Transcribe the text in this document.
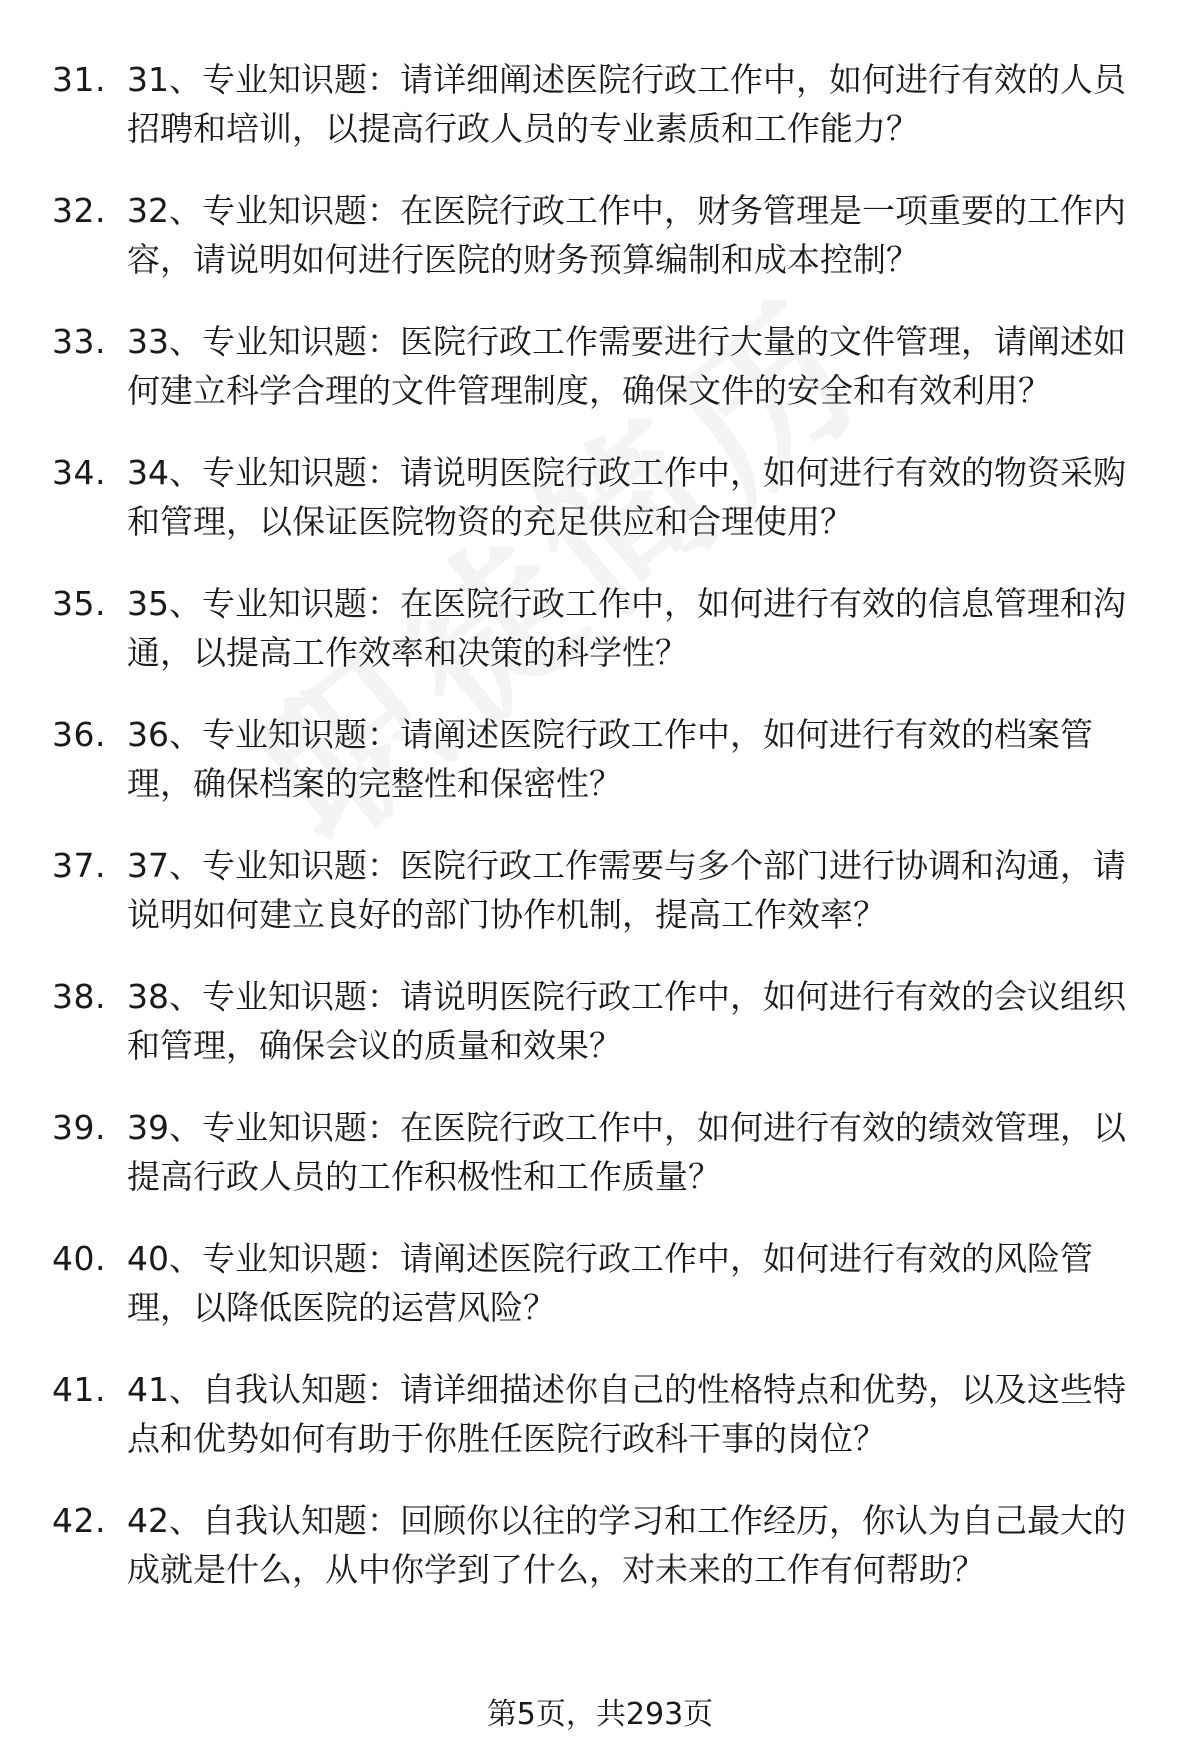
31. 31、专业知识题：请详细阐述医院行政工作中，如何进行有效的人员招聘和培训，以提高行政人员的专业素质和工作能力？
32. 32、专业知识题：在医院行政工作中，财务管理是一项重要的工作内容，请说明如何进行医院的财务预算编制和成本控制？
33. 33、专业知识题：医院行政工作需要进行大量的文件管理，请阐述如何建立科学合理的文件管理制度，确保文件的安全和有效利用？
34. 34、专业知识题：请说明医院行政工作中，如何进行有效的物资采购和管理，以保证医院物资的充足供应和合理使用？
35. 35、专业知识题：在医院行政工作中，如何进行有效的信息管理和沟通，以提高工作效率和决策的科学性？
36. 36、专业知识题：请阐述医院行政工作中，如何进行有效的档案管理，确保档案的完整性和保密性？
37. 37、专业知识题：医院行政工作需要与多个部门进行协调和沟通，请说明如何建立良好的部门协作机制，提高工作效率？
38. 38、专业知识题：请说明医院行政工作中，如何进行有效的会议组织和管理，确保会议的质量和效果？
39. 39、专业知识题：在医院行政工作中，如何进行有效的绩效管理，以提高行政人员的工作积极性和工作质量？
40. 40、专业知识题：请阐述医院行政工作中，如何进行有效的风险管理，以降低医院的运营风险？
41. 41、自我认知题：请详细描述你自己的性格特点和优势，以及这些特点和优势如何有助于你胜任医院行政科干事的岗位？
42. 42、自我认知题：回顾你以往的学习和工作经历，你认为自己最大的成就是什么，从中你学到了什么，对未来的工作有何帮助？
第5页，共293页
